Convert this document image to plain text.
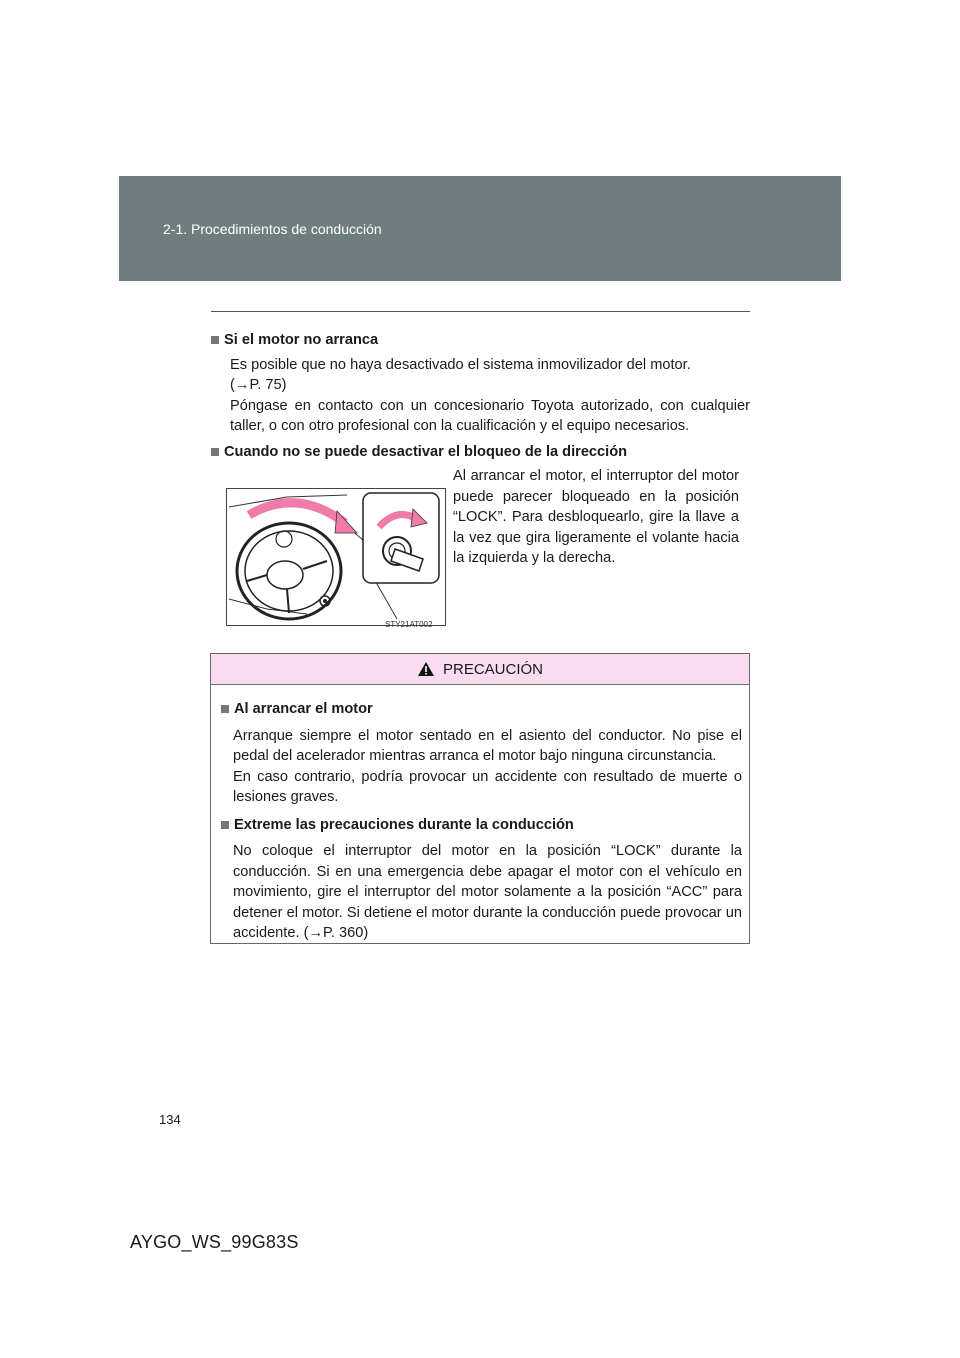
2-1. Procedimientos de conducción
Si el motor no arranca
Es posible que no haya desactivado el sistema inmovilizador del motor.
(→P. 75)
Póngase en contacto con un concesionario Toyota autorizado, con cualquier taller, o con otro profesional con la cualificación y el equipo necesarios.
Cuando no se puede desactivar el bloqueo de la dirección
STY21AT002
Al arrancar el motor, el interruptor del motor puede parecer bloqueado en la posición “LOCK”. Para desbloquearlo, gire la llave a la vez que gira ligeramente el volante hacia la izquierda y la derecha.
PRECAUCIÓN
Al arrancar el motor
Arranque siempre el motor sentado en el asiento del conductor. No pise el pedal del acelerador mientras arranca el motor bajo ninguna circunstancia.
En caso contrario, podría provocar un accidente con resultado de muerte o lesiones graves.
Extreme las precauciones durante la conducción
No coloque el interruptor del motor en la posición “LOCK” durante la conducción. Si en una emergencia debe apagar el motor con el vehículo en movimiento, gire el interruptor del motor solamente a la posición “ACC” para detener el motor. Si detiene el motor durante la conducción puede provocar un accidente. (→P. 360)
134
AYGO_WS_99G83S
